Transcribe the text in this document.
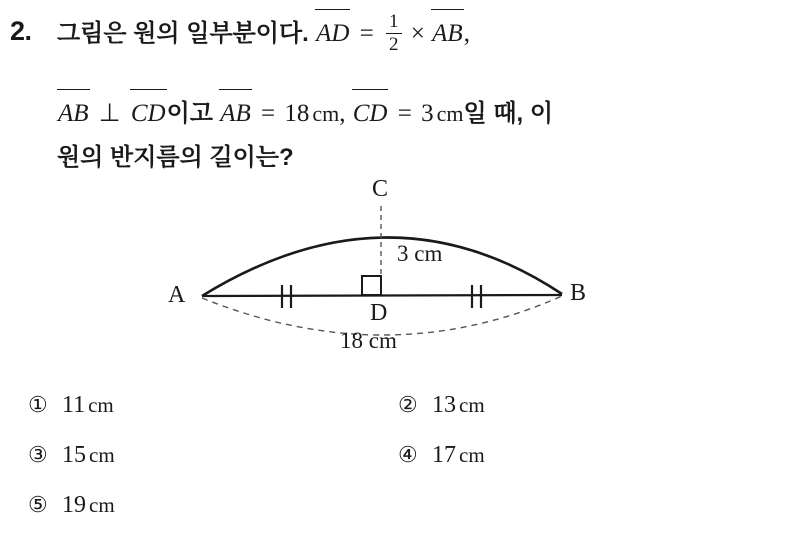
2. 그림은 원의 일부분이다. AD = $\frac{1}{2}$ × AB,
AB ⊥ CD이고 AB = 18 cm, CD = 3 cm일 때, 이
원의 반지름의 길이는?
A	B
C
D
3 cm
18 cm
① 11 cm	② 13 cm
③ 15 cm	④ 17 cm
⑤ 19 cm
